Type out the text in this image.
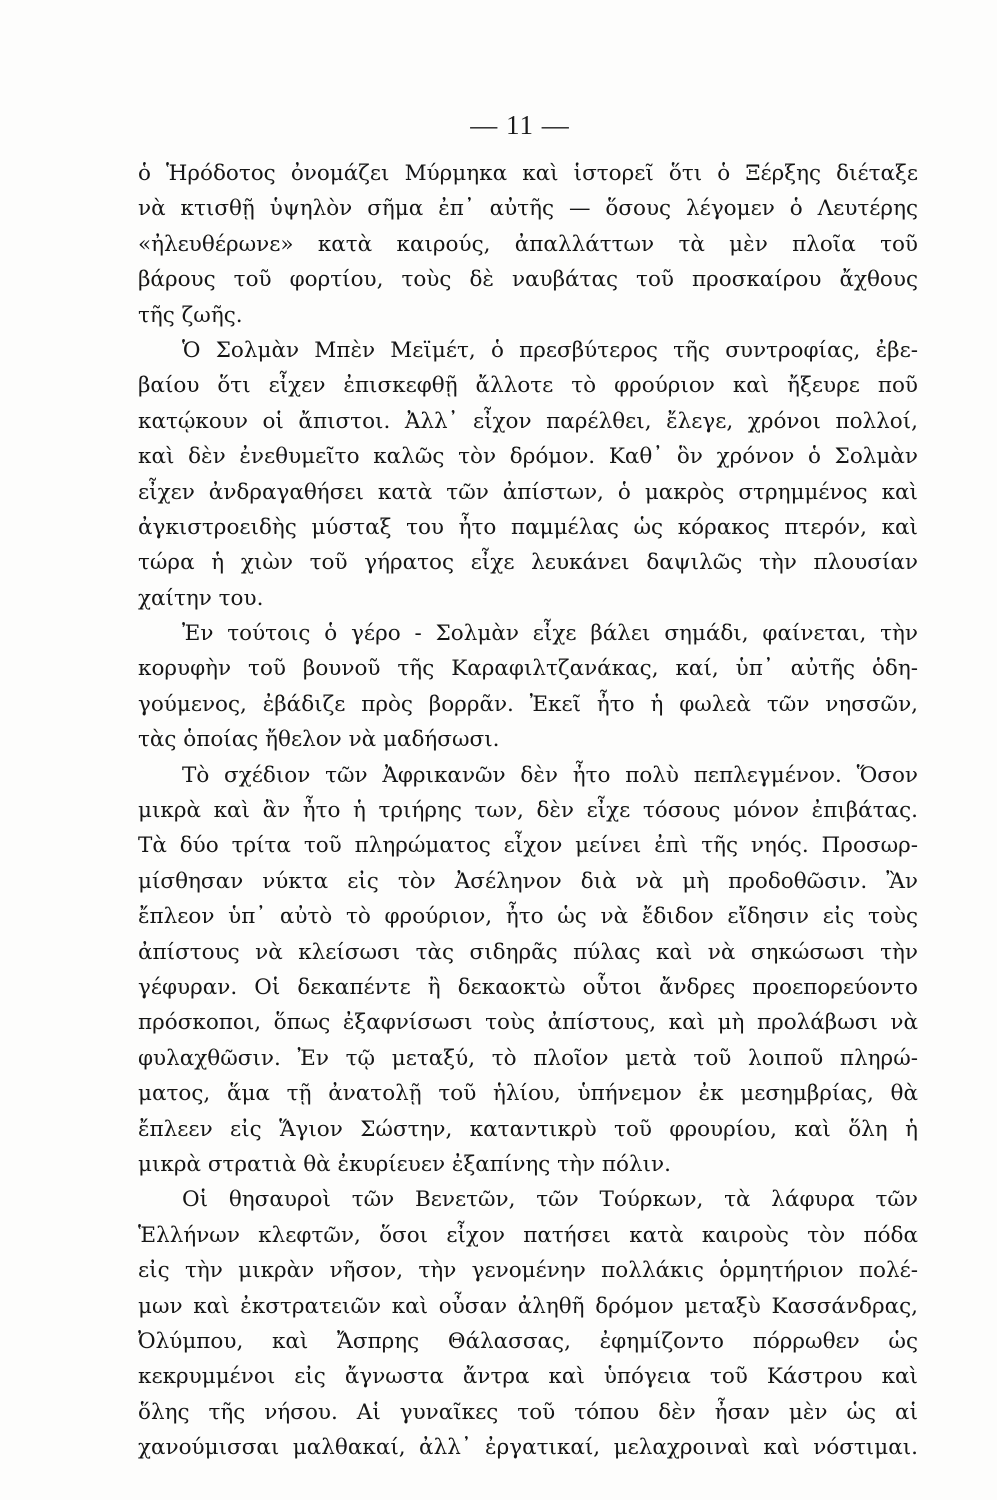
— 11 —
ὁ Ἡρόδοτος ὀνομάζει Μύρμηκα καὶ ἱστορεῖ ὅτι ὁ Ξέρξης διέταξε
νὰ κτισθῇ ὑψηλὸν σῆμα ἐπ᾽ αὐτῆς — ὅσους λέγομεν ὁ Λευτέρης
«ἠλευθέρωνε» κατὰ καιρούς, ἀπαλλάττων τὰ μὲν πλοῖα τοῦ
βάρους τοῦ φορτίου, τοὺς δὲ ναυβάτας τοῦ προσκαίρου ἄχθους
τῆς ζωῆς.
Ὁ Σολμὰν Μπὲν Μεϊμέτ, ὁ πρεσβύτερος τῆς συντροφίας, ἐβε-
βαίου ὅτι εἶχεν ἐπισκεφθῇ ἄλλοτε τὸ φρούριον καὶ ἤξευρε ποῦ
κατῴκουν οἱ ἄπιστοι. Ἀλλ᾽ εἶχον παρέλθει, ἔλεγε, χρόνοι πολλοί,
καὶ δὲν ἐνεθυμεῖτο καλῶς τὸν δρόμον. Καθ᾽ ὃν χρόνον ὁ Σολμὰν
εἶχεν ἀνδραγαθήσει κατὰ τῶν ἀπίστων, ὁ μακρὸς στρημμένος καὶ
ἀγκιστροειδὴς μύσταξ του ἦτο παμμέλας ὡς κόρακος πτερόν, καὶ
τώρα ἡ χιὼν τοῦ γήρατος εἶχε λευκάνει δαψιλῶς τὴν πλουσίαν
χαίτην του.
Ἐν τούτοις ὁ γέρο - Σολμὰν εἶχε βάλει σημάδι, φαίνεται, τὴν
κορυφὴν τοῦ βουνοῦ τῆς Καραφιλτζανάκας, καί, ὑπ᾽ αὐτῆς ὁδη-
γούμενος, ἐβάδιζε πρὸς βορρᾶν. Ἐκεῖ ἦτο ἡ φωλεὰ τῶν νησσῶν,
τὰς ὁποίας ἤθελον νὰ μαδήσωσι.
Τὸ σχέδιον τῶν Ἀφρικανῶν δὲν ἦτο πολὺ πεπλεγμένον. Ὅσον
μικρὰ καὶ ἂν ἦτο ἡ τριήρης των, δὲν εἶχε τόσους μόνον ἐπιβάτας.
Τὰ δύο τρίτα τοῦ πληρώματος εἶχον μείνει ἐπὶ τῆς νηός. Προσωρ-
μίσθησαν νύκτα εἰς τὸν Ἀσέληνον διὰ νὰ μὴ προδοθῶσιν. Ἂν
ἔπλεον ὑπ᾽ αὐτὸ τὸ φρούριον, ἦτο ὡς νὰ ἔδιδον εἴδησιν εἰς τοὺς
ἀπίστους νὰ κλείσωσι τὰς σιδηρᾶς πύλας καὶ νὰ σηκώσωσι τὴν
γέφυραν. Οἱ δεκαπέντε ἢ δεκαοκτὼ οὗτοι ἄνδρες προεπορεύοντο
πρόσκοποι, ὅπως ἐξαφνίσωσι τοὺς ἀπίστους, καὶ μὴ προλάβωσι νὰ
φυλαχθῶσιν. Ἐν τῷ μεταξύ, τὸ πλοῖον μετὰ τοῦ λοιποῦ πληρώ-
ματος, ἅμα τῇ ἀνατολῇ τοῦ ἡλίου, ὑπήνεμον ἐκ μεσημβρίας, θὰ
ἔπλεεν εἰς Ἅγιον Σώστην, καταντικρὺ τοῦ φρουρίου, καὶ ὅλη ἡ
μικρὰ στρατιὰ θὰ ἐκυρίευεν ἐξαπίνης τὴν πόλιν.
Οἱ θησαυροὶ τῶν Βενετῶν, τῶν Τούρκων, τὰ λάφυρα τῶν
Ἑλλήνων κλεφτῶν, ὅσοι εἶχον πατήσει κατὰ καιροὺς τὸν πόδα
εἰς τὴν μικρὰν νῆσον, τὴν γενομένην πολλάκις ὁρμητήριον πολέ-
μων καὶ ἐκστρατειῶν καὶ οὖσαν ἀληθῆ δρόμον μεταξὺ Κασσάνδρας,
Ὀλύμπου, καὶ Ἄσπρης Θάλασσας, ἐφημίζοντο πόρρωθεν ὡς
κεκρυμμένοι εἰς ἄγνωστα ἄντρα καὶ ὑπόγεια τοῦ Κάστρου καὶ
ὅλης τῆς νήσου. Αἱ γυναῖκες τοῦ τόπου δὲν ἦσαν μὲν ὡς αἱ
χανούμισσαι μαλθακαί, ἀλλ᾽ ἐργατικαί, μελαχροιναὶ καὶ νόστιμαι.
